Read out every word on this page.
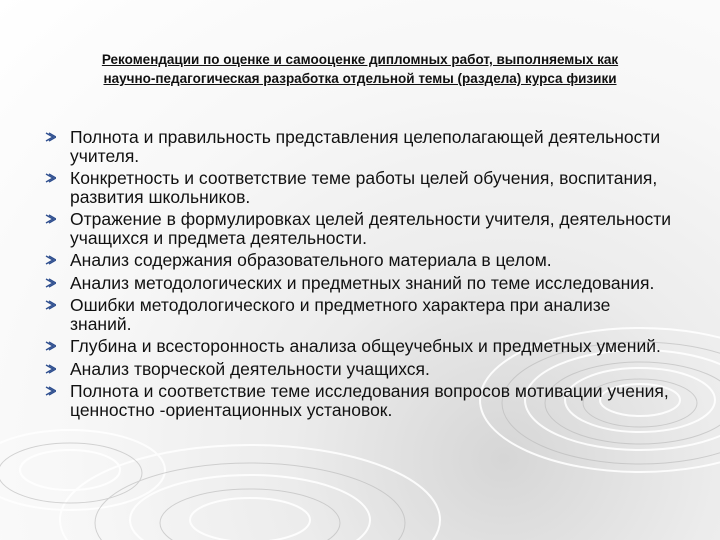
Рекомендации по оценке и самооценке дипломных работ, выполняемых как
научно-педагогическая разработка отдельной темы (раздела) курса физики
Полнота и правильность представления целеполагающей деятельности учителя.
Конкретность и соответствие теме работы целей обучения, воспитания, развития школьников.
Отражение в формулировках целей деятельности учителя, деятельности учащихся и предмета деятельности.
Анализ содержания образовательного материала в целом.
Анализ методологических и предметных знаний по теме исследования.
Ошибки методологического и предметного характера при анализе знаний.
Глубина и всесторонность анализа общеучебных и предметных умений.
Анализ творческой деятельности учащихся.
Полнота и соответствие теме исследования вопросов мотивации учения, ценностно -ориентационных установок.
